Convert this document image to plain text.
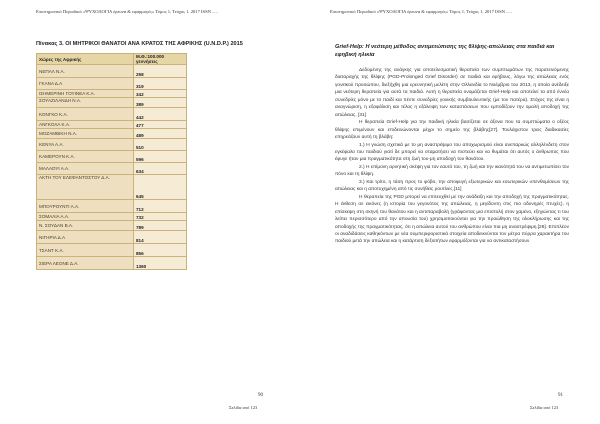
Επιστημονικό Περιοδικό «ΨΥΧΟΛΟΓΙΑ έρευνα & εφαρμογές» Τόμος 1, Τεύχος 1, 2017 ISSN .....
Πίνακας 3. ΟΙ ΜΗΤΡΙΚΟΙ ΘΑΝΑΤΟΙ ΑΝΑ ΚΡΑΤΟΣ ΤΗΣ ΑΦΡΙΚΗΣ (U.N.D.P.) 2015
Χώρες της Αφρικής	Μ.Θ.:100.000 γεννήσεις
ΝΕΠΑΛ Ν.Α.	258
ΓΚΑΝΑ Δ.Α	319
ΙΣΗΜΕΡΙΝΗ ΓΟΥΙΝΕΑ Κ.Α.	342
ΣΟΥΑΖΙΛΑΝΔΗ Ν.Α.	389
ΚΟΝΓΚΟ Κ.Α.	442
ΑΝΓΚΟΛΑ Κ.Α.	477
ΜΟΖΑΜΒΙΚΗ Ν.Α.	489
ΚΕΝΥΑ Α.Α.	510
ΚΑΜΕΡΟΥΝ Κ.Α.	596
ΜΑΛΑΟΥΙ Α.Α.	634
ΑΚΤΗ ΤΟΥ ΕΛΕΦΑΝΤΟΣΤΟΥ Δ.Α.	645
ΜΠΟΥΡΟΥΝΤΙ Α.Α.	712
ΣΟΜΑΛΙΑ Α.Α.	732
Ν. ΣΟΥΔΑΝ Β.Α.	789
ΝΙΓΗΡΙΑ Δ.Α	814
ΤΣΑΝΤ Κ.Α.	856
ΣΙΕΡΑ ΛΕΟΝΕ Δ.Α.	1360
90
Σελίδα από 123
Επιστημονικό Περιοδικό «ΨΥΧΟΛΟΓΙΑ έρευνα & εφαρμογές» Τόμος 1, Τεύχος 1, 2017 ISSN .....
Grief-Help: Η νεότερη μέθοδος αντιμετώπισης της θλίψης-απώλειας στα παιδιά και εφηβική ηλικία

Δεδομένης της ανάγκης για αποτελεσματική θεραπεία των συμπτωμάτων της παρατεινόμενης διαταραχής της θλίψης (PGD-Prolonged Grief Disorder) σε παιδιά και εφήβους, λόγω της απώλειας ενός γονεϊκού προσώπου, διεξήχθη μια ερευνητική μελέτη στην Ολλανδία το Νοέμβριο του 2013, η οποία ανέδειξε μια νεότερη θεραπεία για αυτά τα παιδιά. Αυτή η θεραπεία ονομάζεται Grief-Help και αποτελεί τα από έννέα συνεδρίες μόνο με το παιδί και πέντε συνεδρίες γονικής συμβουλευτικής (με τον πατέρα). Στόχος της είναι η αναγνώριση, η εξαφάλιση και τέλος η εξάλειψη των καταστάσεων που εμποδίζουν την ομαλή αποδοχή της απώλειας. [31]

Η θεραπεία Grief-Help για την παιδική ηλικία βασίζεται σε άξονα που τα συμπτώματα ο οξέος θλίψης επιμένουν και επιδεινώνονται μέχρι το σημείο της βλάβης[27]. Τουλάχιστον τρεις διαδικασίες επηρεάζουν αυτή τη βλάβη:

1.) Η γνώση σχετικά με το μη αναστρέψιμο του αποχωρισμού είναι ανεπαρκώς αλληλένδετη στον εγκέφαλο του παιδιού γιατί δε μπορεί να σταματήσει να πιστεύει και να θυμάται ότι αυτός ο άνθρωπος που έφυγε ήταν μια πραγματικότητα στη ζωή του-μη αποδοχή του θανάτου.

2.) Η επίμονη αρνητική σκέψη για τον εαυτό του, τη ζωή και την ικανότητά του να αντιμετωπίσει τον πόνο και τη θλίψη.

3.) Και τρίτο, η τάση προς το φόβο, την αποφυγή εξωτερικών και εσωτερικών υπενθυμίσεων της απώλειας και η αποτυχημένη από τις συνήθεις ρουτίνες.[11]

Η θεραπεία της PGD μπορεί να επιτευχθεί με την ανάδειξη και την αποδοχή της πραγματικότητας. Η έκθεση σε εικόνες (η ιστορία του γεγονότος της απώλειας, η μεγίδοντη στις πιο οδυνηρές πτυχές), η επίσκεψη στη σκηνή του θανάτου και η αντιπαραβολή (γράφοντας μια επιστολή στον χαμένο, εξηγώντας τι του λείπει περισσότερο από την απουσία του) χρησιμοποιούνται για την προώθηση της ολοκλήρωσης και της αποδοχής της πραγματικότητας, ότι η απώλεια αυτού του ανθρώπου είναι πια μη αναστρέψιμη.[28]. Επιπλέον οι αναδιδάσεις καθηκόντων με νέα συμπεριφοριστικά στοιχεία αποδεικνύνται τον μέτρα πύρρα χαρακτήρα του παιδιού μετά την απώλεια και η κατάρτιση δεξιοτήτων εφαρμόζονται για να αντικαταστήσουν

91
Σελίδα από 123
